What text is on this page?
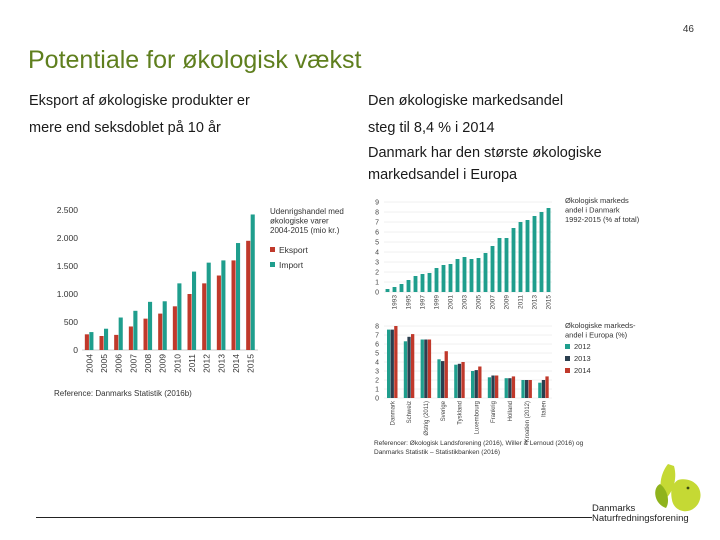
46
Potentiale for økologisk vækst
Eksport af økologiske produkter er
mere end seksdoblet på 10 år
Den økologiske markedsandel
steg til 8,4 % i 2014
Danmark har den største økologiske
markedsandel i Europa
0
500
1.000
1.500
2.000
2.500
2004 2005 2006 2007 2008 2009 2010 2011 2012 2013 2014 2015
Udenrigshandel med
økologiske varer
2004-2015 (mio kr.)
Eksport
Import
Reference: Danmarks Statistik (2016b)
0
1
2
3
4
5
6
7
8
9
1993 1995 1997 1999 2001 2003 2005 2007 2009 2011 2013 2015
Økologisk markeds
andel i Danmark
1992-2015 (% af total)
0
1
2
3
4
5
6
7
8
Danmark Schweiz Østrig (2011) Sverige Tyskland Luxembourg Frankrig Holland Kroatien (2012) Italien
Økologiske markeds-
andel i Europa (%)
2012
2013
2014
Referencer: Økologisk Landsforening (2016), Willer & Lernoud (2016) og
Danmarks Statistik – Statistikbanken (2016)
Danmarks
Naturfredningsforening
